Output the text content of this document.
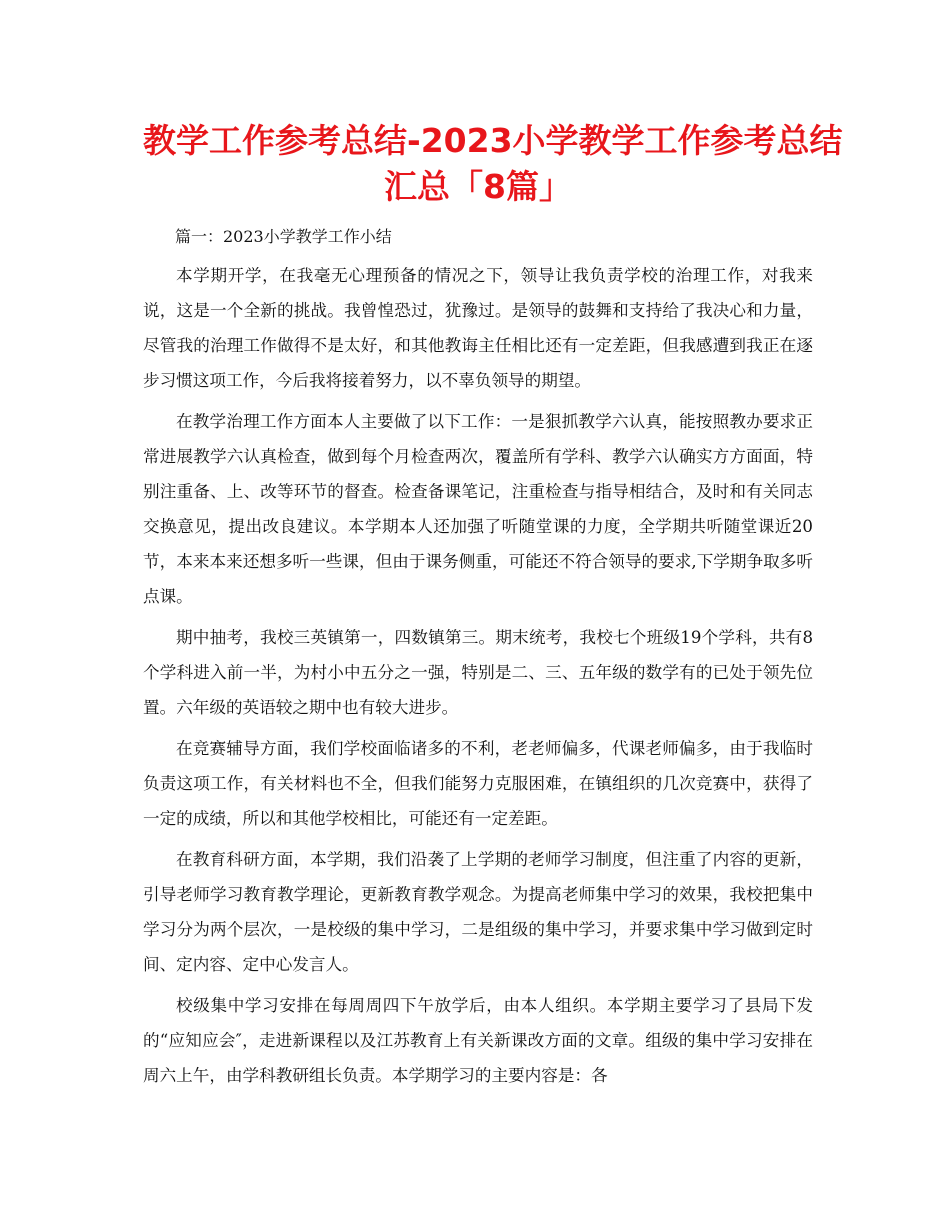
教学工作参考总结-2023小学教学工作参考总结
汇总「8篇」

篇一：2023小学教学工作小结

本学期开学，在我毫无心理预备的情况之下，领导让我负责学校的治理工作，对我来说，这是一个全新的挑战。我曾惶恐过，犹豫过。是领导的鼓舞和支持给了我决心和力量，尽管我的治理工作做得不是太好，和其他教诲主任相比还有一定差距，但我感遭到我正在逐步习惯这项工作，今后我将接着努力，以不辜负领导的期望。

在教学治理工作方面本人主要做了以下工作：一是狠抓教学六认真，能按照教办要求正常进展教学六认真检查，做到每个月检查两次，覆盖所有学科、教学六认确实方方面面，特别注重备、上、改等环节的督查。检查备课笔记，注重检查与指导相结合，及时和有关同志交换意见，提出改良建议。本学期本人还加强了听随堂课的力度，全学期共听随堂课近20节，本来本来还想多听一些课，但由于课务侧重，可能还不符合领导的要求,下学期争取多听点课。

期中抽考，我校三英镇第一，四数镇第三。期末统考，我校七个班级19个学科，共有8个学科进入前一半，为村小中五分之一强，特别是二、三、五年级的数学有的已处于领先位置。六年级的英语较之期中也有较大进步。

在竞赛辅导方面，我们学校面临诸多的不利，老老师偏多，代课老师偏多，由于我临时负责这项工作，有关材料也不全，但我们能努力克服困难，在镇组织的几次竞赛中，获得了一定的成绩，所以和其他学校相比，可能还有一定差距。

在教育科研方面，本学期，我们沿袭了上学期的老师学习制度，但注重了内容的更新，引导老师学习教育教学理论，更新教育教学观念。为提高老师集中学习的效果，我校把集中学习分为两个层次，一是校级的集中学习，二是组级的集中学习，并要求集中学习做到定时间、定内容、定中心发言人。

校级集中学习安排在每周周四下午放学后，由本人组织。本学期主要学习了县局下发的“应知应会″，走进新课程以及江苏教育上有关新课改方面的文章。组级的集中学习安排在周六上午，由学科教研组长负责。本学期学习的主要内容是：各
